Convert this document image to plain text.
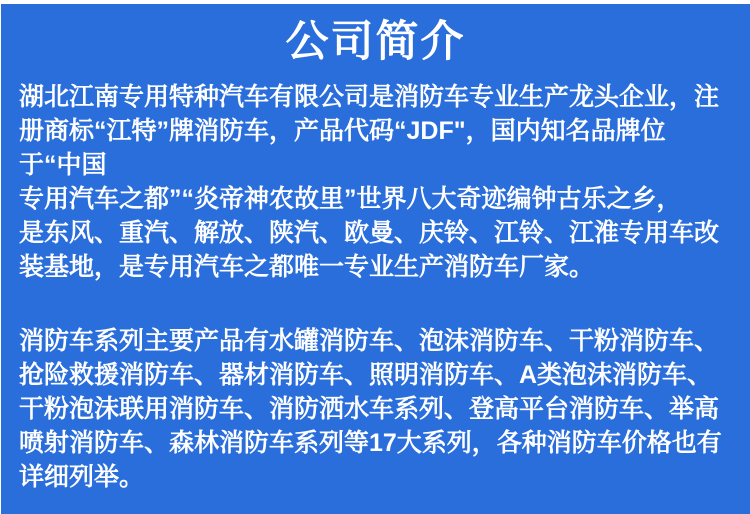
公司简介
湖北江南专用特种汽车有限公司是消防车专业生产龙头企业，注
册商标“江特”牌消防车，产品代码“JDF"，国内知名品牌位
于“中国
专用汽车之都”“炎帝神农故里”世界八大奇迹编钟古乐之乡，
是东风、重汽、解放、陕汽、欧曼、庆铃、江铃、江淮专用车改
装基地，是专用汽车之都唯一专业生产消防车厂家。
消防车系列主要产品有水罐消防车、泡沫消防车、干粉消防车、
抢险救援消防车、器材消防车、照明消防车、A类泡沫消防车、
干粉泡沫联用消防车、消防洒水车系列、登高平台消防车、举高
喷射消防车、森林消防车系列等17大系列，各种消防车价格也有
详细列举。
